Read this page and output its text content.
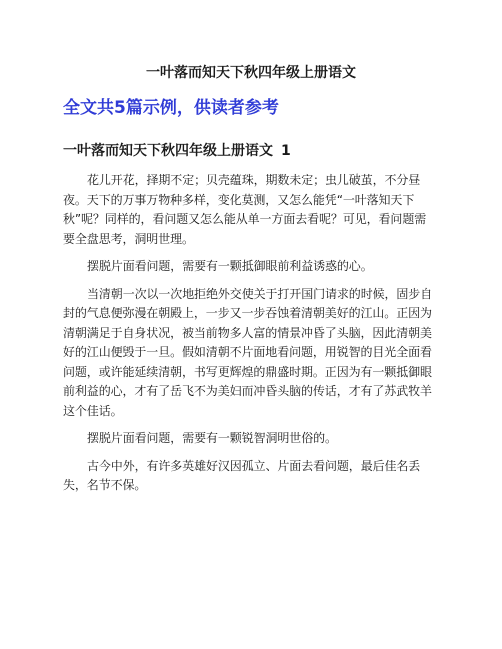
一叶落而知天下秋四年级上册语文
全文共5篇示例，供读者参考
一叶落而知天下秋四年级上册语文 1

花儿开花，择期不定；贝壳蕴珠，期数未定；虫儿破茧，不分昼夜。天下的万事万物种多样，变化莫测，又怎么能凭“一叶落知天下秋”呢？同样的，看问题又怎么能从单一方面去看呢？可见，看问题需要全盘思考，洞明世理。

摆脱片面看问题，需要有一颗抵御眼前利益诱惑的心。

当清朝一次以一次地拒绝外交使关于打开国门请求的时候，固步自封的气息便弥漫在朝殿上，一步又一步吞蚀着清朝美好的江山。正因为清朝满足于自身状况，被当前物多人富的情景冲昏了头脑，因此清朝美好的江山便毁于一旦。假如清朝不片面地看问题，用锐智的目光全面看问题，或许能延续清朝，书写更辉煌的鼎盛时期。正因为有一颗抵御眼前利益的心，才有了岳飞不为美妇而冲昏头脑的传话，才有了苏武牧羊这个佳话。

摆脱片面看问题，需要有一颗锐智洞明世俗的。

古今中外，有许多英雄好汉因孤立、片面去看问题，最后佳名丢失，名节不保。
